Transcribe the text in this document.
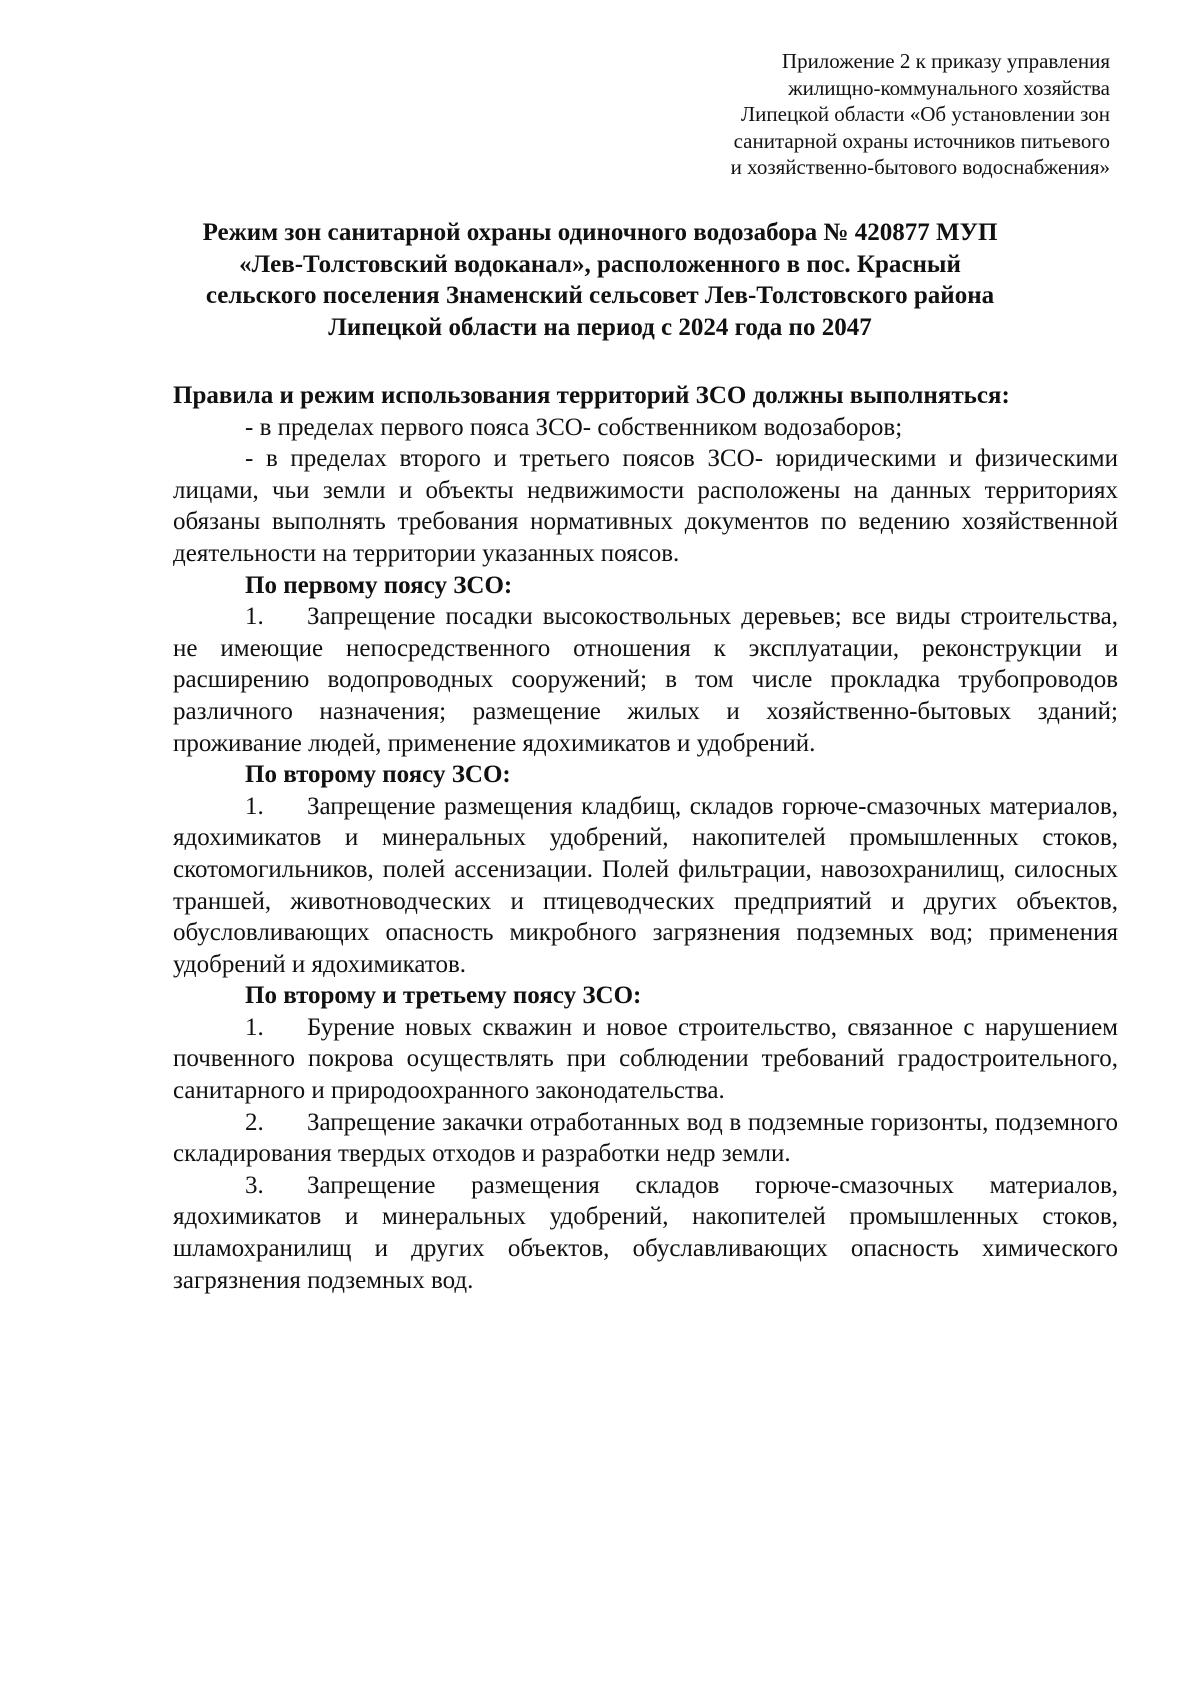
Приложение 2 к приказу управления
жилищно-коммунального хозяйства
Липецкой области «Об установлении зон
санитарной охраны источников питьевого
и хозяйственно-бытового водоснабжения»
Режим зон санитарной охраны одиночного водозабора № 420877 МУП
«Лев-Толстовский водоканал», расположенного в пос. Красный
сельского поселения Знаменский сельсовет Лев-Толстовского района
Липецкой области на период с 2024 года по 2047

Правила и режим использования территорий ЗСО должны выполняться:

- в пределах первого пояса ЗСО- собственником водозаборов;

- в пределах второго и третьего поясов ЗСО- юридическими и физическими лицами, чьи земли и объекты недвижимости расположены на данных территориях обязаны выполнять требования нормативных документов по ведению хозяйственной деятельности на территории указанных поясов.

По первому поясу ЗСО:

1. Запрещение посадки высокоствольных деревьев; все виды строительства, не имеющие непосредственного отношения к эксплуатации, реконструкции и расширению водопроводных сооружений; в том числе прокладка трубопроводов различного назначения; размещение жилых и хозяйственно-бытовых зданий; проживание людей, применение ядохимикатов и удобрений.

По второму поясу ЗСО:

1. Запрещение размещения кладбищ, складов горюче-смазочных материалов, ядохимикатов и минеральных удобрений, накопителей промышленных стоков, скотомогильников, полей ассенизации. Полей фильтрации, навозохранилищ, силосных траншей, животноводческих и птицеводческих предприятий и других объектов, обусловливающих опасность микробного загрязнения подземных вод; применения удобрений и ядохимикатов.

По второму и третьему поясу ЗСО:

1. Бурение новых скважин и новое строительство, связанное с нарушением почвенного покрова осуществлять при соблюдении требований градостроительного, санитарного и природоохранного законодательства.

2. Запрещение закачки отработанных вод в подземные горизонты, подземного складирования твердых отходов и разработки недр земли.

3. Запрещение размещения складов горюче-смазочных материалов, ядохимикатов и минеральных удобрений, накопителей промышленных стоков, шламохранилищ и других объектов, обуславливающих опасность химического загрязнения подземных вод.
